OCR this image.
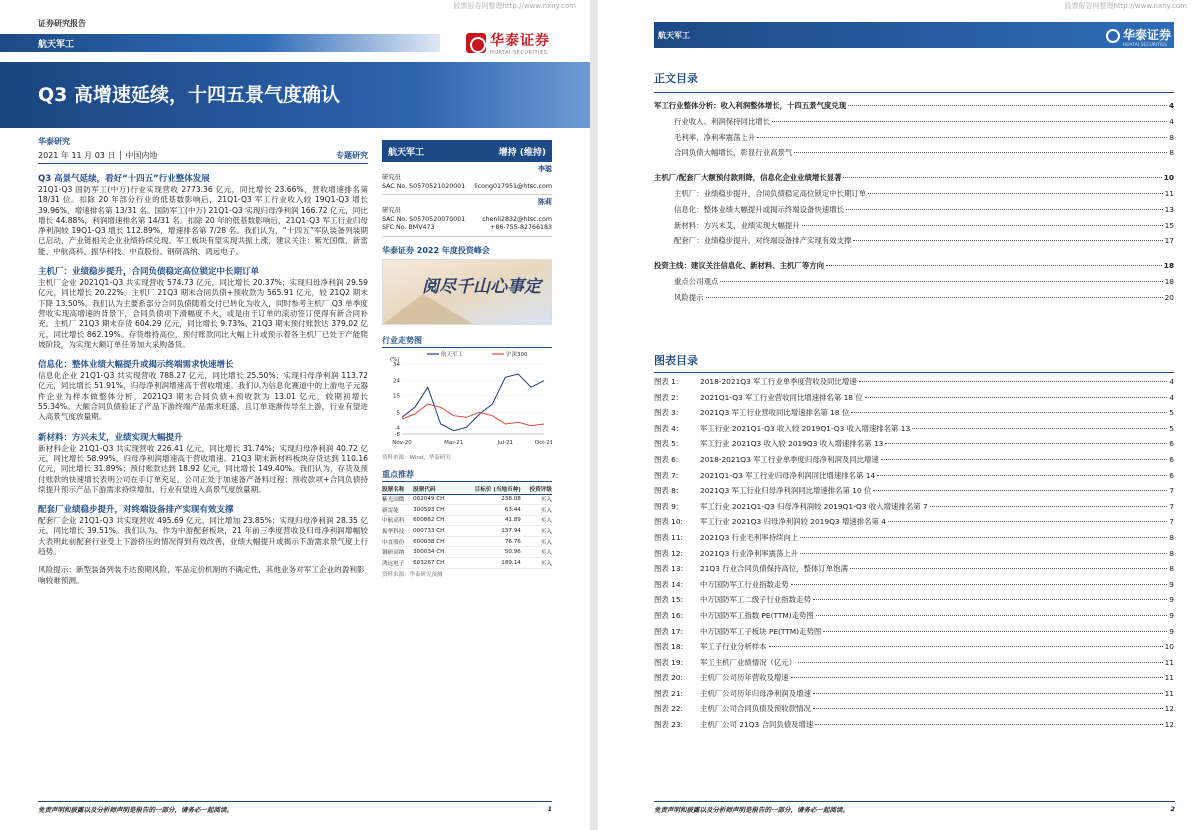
股票报告网整理http://www.nxny.com
证券研究报告
航天军工	华泰证券
HUATAI SECURITIES
Q3 高增速延续，十四五景气度确认
华泰研究
2021 年 11 月 03 日 │ 中国内地	专题研究
Q3 高景气延续，看好“十四五”行业整体发展

21Q1-Q3 国防军工(中万)行业实现营收 2773.36 亿元，同比增长 23.66%，营收增速排名第 18/31 位。扣除 20 年部分行业的低基数影响后，21Q1-Q3 军工行业收入较 19Q1-Q3 增长 39.96%，增速排名第 13/31 名。国防军工(中万) 21Q1-Q3 实现归母净利润 166.72 亿元，同比增长 44.88%，利润增速排名第 14/31 名。扣除 20 年的低基数影响后，21Q1-Q3 军工行业归母净利润较 19Q1-Q3 增长 112.89%，增速排名第 7/28 名。我们认为，“十四五”军队装备列装期已启动，产业链相关企业业绩持续兑现。军工板块有望实现共振上涨，建议关注：紫光国微、新雷能、中航高科、振华科技、中直股份、钢研高纳、鸿远电子。

主机厂：业绩稳步提升，合同负债稳定高位锁定中长期订单

主机厂企业 2021Q1-Q3 共实现营收 574.73 亿元，同比增长 20.37%；实现归母净利润 29.59 亿元，同比增长 20.22%。主机厂 21Q3 期末合同负债+预收款为 565.91 亿元，较 21Q2 期末下降 13.50%。我们认为主要系部分合同负债随着交付已转化为收入，同时参考主机厂 Q3 单季度营收实现高增速的背景下，合同负债项下滑幅度不大，或是由于订单的滚动签订使得有新合同补充。主机厂 21Q3 期末存货 604.29 亿元，同比增长 9.73%。21Q3 期末预付账款达 379.02 亿元，同比增长 862.19%。存货维持高位，预付账款同比大幅上升或预示着各主机厂已处于产能爬坡阶段，为实现大额订单任务加大采购备货。

信息化：整体业绩大幅提升或揭示终端需求快速增长

信息化企业 21Q1-Q3 共实现营收 788.27 亿元，同比增长 25.50%；实现归母净利润 113.72 亿元，同比增长 51.91%，归母净利润增速高于营收增速。我们认为信息化赛道中的上游电子元器件企业为样本做整体分析，2021Q3 期末合同负债+预收款为 13.01 亿元，较期初增长 55.34%。大额合同负债验证了产品下游终端产品需求旺盛，且订单逐渐传导至上游，行业有望进入高景气度放量期。

新材料：方兴未艾，业绩实现大幅提升

新材料企业 21Q1-Q3 共实现营收 226.41 亿元，同比增长 31.74%；实现归母净利润 40.72 亿元，同比增长 58.99%，归母净利润增速高于营收增速。21Q3 期末新材料板块存货达到 110.16 亿元，同比增长 31.89%；预付账款达到 18.92 亿元，同比增长 149.40%。我们认为，存货及预付账款的快速增长表明公司在手订单充足，公司正处于加速备产备料过程；预收款项+合同负债持续提升预示产品下游需求持续增加，行业有望进入高景气度放量期。

配套厂业绩稳步提升，对终端设备排产实现有效支撑

配套厂企业 21Q1-Q3 共实现营收 495.69 亿元，同比增加 23.85%；实现归母净利润 28.35 亿元，同比增长 39.51%。我们认为，作为中游配套板块，21 年前三季度营收及归母净利润增幅较大表明此前配套行业受上下游挤压的情况得到有效改善，业绩大幅提升或揭示下游需求景气度上行趋势。

风险提示：新型装备列装不达预期风险，军品定价机制的不确定性，其他业务对军工企业的盈利影响较难预测。
航天军工	增持 (维持)
李聪
研究员
SAC No. S0570521020001 licong017951@htsc.com
陈莉
研究员
SAC No. S0570520070001	chenli2832@htsc.com
SFC No. BMV473	+86-755-82766183
华泰证券 2022 年度投资峰会
阅尽千山心事定
行业走势图
(%)
34
24
15
5
-4
-8
Nov-20	Mar-21	Jul-21	Oct-21
航天军工	沪深300
资料来源：Wind，华泰研究
重点推荐
股票名称	股票代码	目标价 (当地币种)	投资评级
紫光国微	002049 CH	238.08	买入
新雷能	300593 CH	63.44	买入
中航高科	600862 CH	41.89	买入
振华科技	000733 CH	137.94	买入
中直股份	600038 CH	76.76	买入
钢研高纳	300034 CH	50.96	买入
鸿远电子	603267 CH	189.14	买入
资料来源：华泰研究预测
免责声明和披露以及分析师声明是报告的一部分，请务必一起阅读。	1
股票报告网整理http://www.nxny.com
航天军工	华泰证券
HUATAI SECURITIES
正文目录
军工行业整体分析：收入利润整体增长，十四五景气度兑现	4
行业收入、利润保持同比增长	4
毛利率、净利率震荡上升	8
合同负债大幅增长，彰显行业高景气	8
主机厂/配套厂大额预付款则降，信息化企业业绩增长显著	10
主机厂：业绩稳步提升，合同负债稳定高位锁定中长期订单	11
信息化：整体业绩大幅提升或揭示终端设备快速增长	13
新材料：方兴未艾，业绩实现大幅提升	15
配套厂：业绩稳步提升，对终端设备排产实现有效支撑	17
投资主线：建议关注信息化、新材料、主机厂等方向	18
重点公司观点	18
风险提示	20
图表目录
图表 1:	2018-2021Q3 军工行业单季度营收及同比增速	4
图表 2:	2021Q1-Q3 军工行业营收同比增速排名第 18 位	4
图表 3:	2021Q3 军工行业营收同比增速排名第 18 位	5
图表 4:	军工行业 2021Q1-Q3 收入较 2019Q1-Q3 收入增速排名第 13	5
图表 5:	军工行业 2021Q3 收入较 2019Q3 收入增速排名第 13	6
图表 6:	2018-2021Q3 军工行业单季度归母净利润及同比增速	6
图表 7:	2021Q1-Q3 军工行业归母净利润同比增速排名第 14	6
图表 8:	2021Q3 军工行业归母净利润同比增速排名第 10 位	7
图表 9:	军工行业 2021Q1-Q3 归母净利润较 2019Q1-Q3 收入增速排名第 7	7
图表 10:	军工行业 2021Q3 归母净利润较 2019Q3 增速排名第 4	7
图表 11:	2021Q3 行业毛利率持续向上	8
图表 12:	2021Q3 行业净利率震荡上升	8
图表 13:	21Q3 行业合同负债保持高位，整体订单饱满	8
图表 14:	中万国防军工行业指数走势	9
图表 15:	中万国防军工二级子行业指数走势	9
图表 16:	中万国防军工指数 PE(TTM)走势图	9
图表 17:	中万国防军工子板块 PE(TTM)走势图	9
图表 18:	军工子行业分析样本	10
图表 19:	军工主机厂业绩情况（亿元）	11
图表 20:	主机厂公司历年营收及增速	11
图表 21:	主机厂公司历年归母净利润及增速	11
图表 22:	主机厂公司合同负债及预收款情况	12
图表 23:	主机厂公司 21Q3 合同负债及增速	12
免责声明和披露以及分析师声明是报告的一部分，请务必一起阅读。	2
